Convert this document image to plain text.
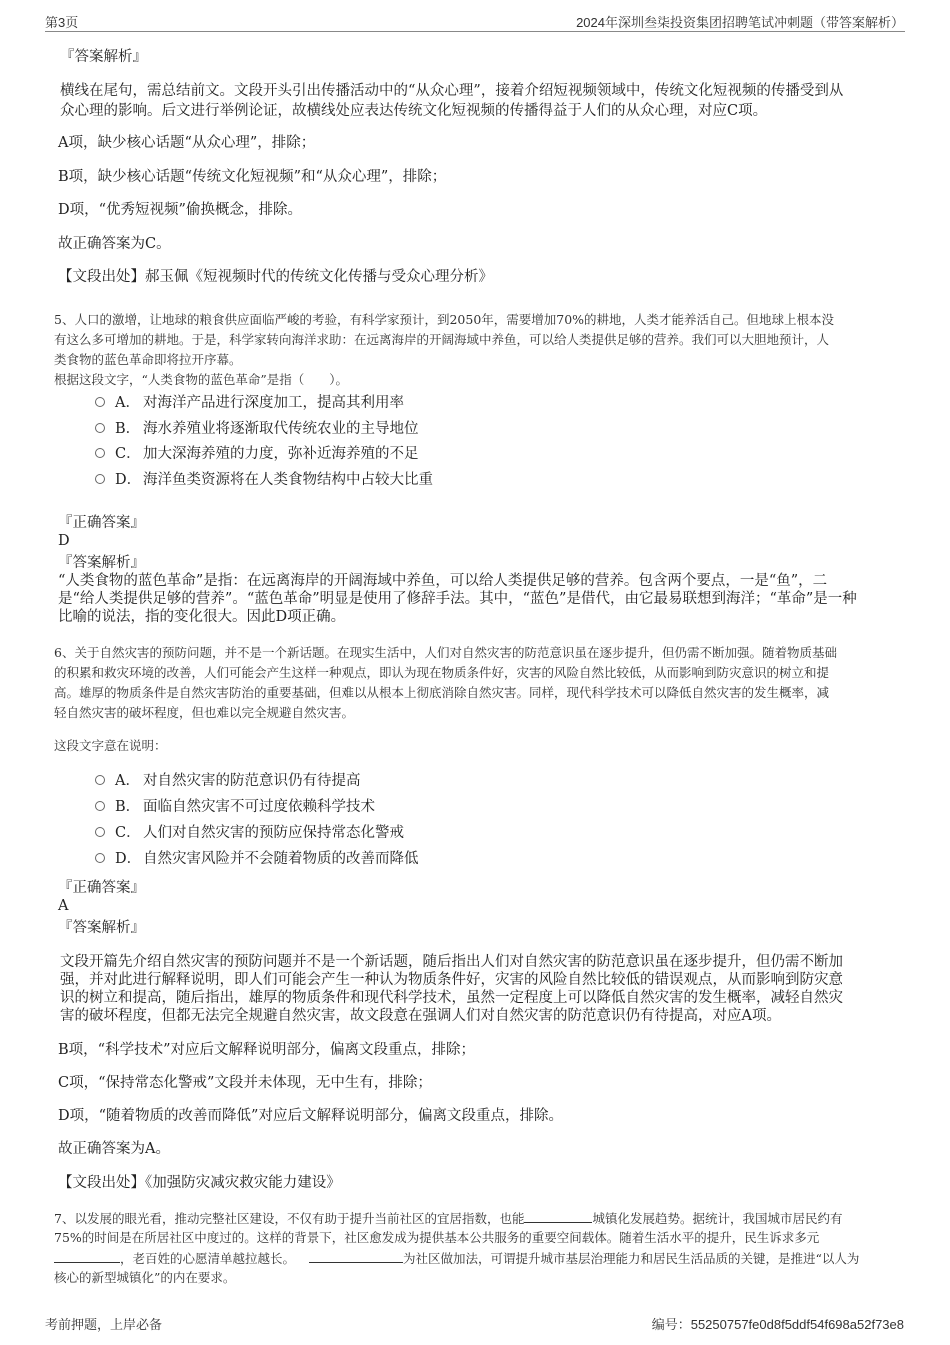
第3页	2024年深圳叁柒投资集团招聘笔试冲刺题（带答案解析）
『答案解析』
横线在尾句，需总结前文。文段开头引出传播活动中的“从众心理”，接着介绍短视频领域中，传统文化短视频的传播受到从
众心理的影响。后文进行举例论证，故横线处应表达传统文化短视频的传播得益于人们的从众心理，对应C项。
A项，缺少核心话题“从众心理”，排除；
B项，缺少核心话题“传统文化短视频”和“从众心理”，排除；
D项，“优秀短视频”偷换概念，排除。
故正确答案为C。
【文段出处】郝玉佩《短视频时代的传统文化传播与受众心理分析》
5、人口的激增，让地球的粮食供应面临严峻的考验，有科学家预计，到2050年，需要增加70%的耕地，人类才能养活自己。但地球上根本没
有这么多可增加的耕地。于是，科学家转向海洋求助：在远离海岸的开阔海域中养鱼，可以给人类提供足够的营养。我们可以大胆地预计，人
类食物的蓝色革命即将拉开序幕。
根据这段文字，“人类食物的蓝色革命”是指（　　）。
A． 对海洋产品进行深度加工，提高其利用率
B． 海水养殖业将逐渐取代传统农业的主导地位
C． 加大深海养殖的力度，弥补近海养殖的不足
D． 海洋鱼类资源将在人类食物结构中占较大比重
『正确答案』
D
『答案解析』
“人类食物的蓝色革命”是指：在远离海岸的开阔海域中养鱼，可以给人类提供足够的营养。包含两个要点，一是“鱼”，二
是“给人类提供足够的营养”。“蓝色革命”明显是使用了修辞手法。其中，“蓝色”是借代，由它最易联想到海洋；“革命”是一种
比喻的说法，指的变化很大。因此D项正确。
6、关于自然灾害的预防问题，并不是一个新话题。在现实生活中，人们对自然灾害的防范意识虽在逐步提升，但仍需不断加强。随着物质基础
的积累和救灾环境的改善，人们可能会产生这样一种观点，即认为现在物质条件好，灾害的风险自然比较低，从而影响到防灾意识的树立和提
高。雄厚的物质条件是自然灾害防治的重要基础，但难以从根本上彻底消除自然灾害。同样，现代科学技术可以降低自然灾害的发生概率，减
轻自然灾害的破坏程度，但也难以完全规避自然灾害。
这段文字意在说明：
A． 对自然灾害的防范意识仍有待提高
B． 面临自然灾害不可过度依赖科学技术
C． 人们对自然灾害的预防应保持常态化警戒
D． 自然灾害风险并不会随着物质的改善而降低
『正确答案』
A
『答案解析』
文段开篇先介绍自然灾害的预防问题并不是一个新话题，随后指出人们对自然灾害的防范意识虽在逐步提升，但仍需不断加
强，并对此进行解释说明，即人们可能会产生一种认为物质条件好，灾害的风险自然比较低的错误观点，从而影响到防灾意
识的树立和提高，随后指出，雄厚的物质条件和现代科学技术，虽然一定程度上可以降低自然灾害的发生概率，减轻自然灾
害的破坏程度，但都无法完全规避自然灾害，故文段意在强调人们对自然灾害的防范意识仍有待提高，对应A项。
B项，“科学技术”对应后文解释说明部分，偏离文段重点，排除；
C项，“保持常态化警戒”文段并未体现，无中生有，排除；
D项，“随着物质的改善而降低”对应后文解释说明部分，偏离文段重点，排除。
故正确答案为A。
【文段出处】《加强防灾减灾救灾能力建设》
7、以发展的眼光看，推动完整社区建设，不仅有助于提升当前社区的宜居指数，也能	城镇化发展趋势。据统计，我国城市居民约有
75%的时间是在所居社区中度过的。这样的背景下，社区愈发成为提供基本公共服务的重要空间载体。随着生活水平的提升，民生诉求多元
，老百姓的心愿清单越拉越长。	为社区做加法，可谓提升城市基层治理能力和居民生活品质的关键，是推进“以人为
核心的新型城镇化”的内在要求。
考前押题，上岸必备	编号：55250757fe0d8f5ddf54f698a52f73e8
